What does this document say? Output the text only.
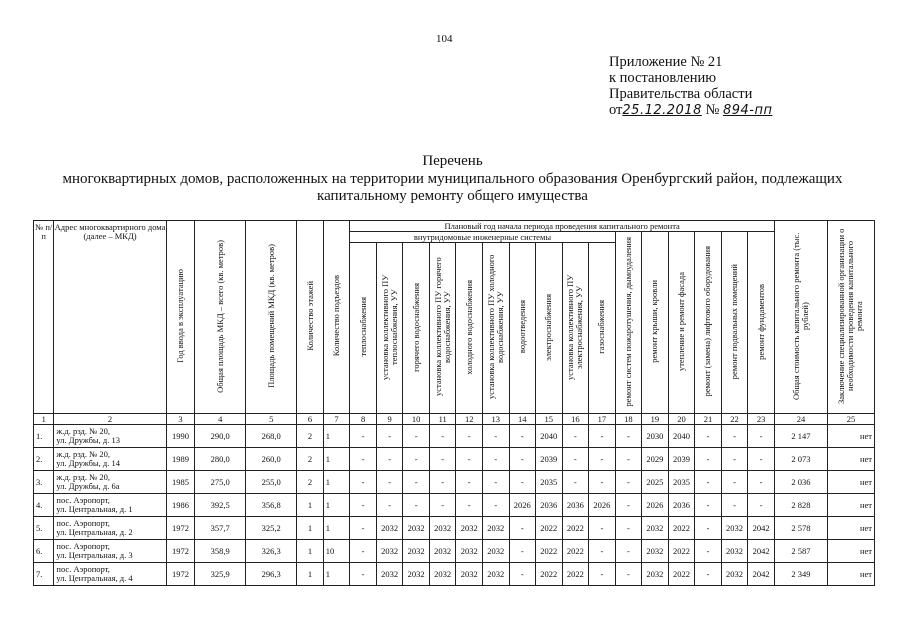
104
Приложение № 21
к постановлению
Правительства области
от25.12.2018 № 894-пп
Перечень
многоквартирных домов, расположенных на территории муниципального образования Оренбургский район, подлежащих
капитальному ремонту общего имущества
№ п/п	Адрес многоквартирного дома (далее – МКД)	Год ввода в эксплуатацию	Общая площадь МКД – всего (кв. метров)	Площадь помещений МКД (кв. метров)	Количество этажей	Количество подъездов	Плановый год начала периода проведения капитального ремонта																Общая стоимость капитального ремонта (тыс. рублей)	Заключение специализированной организации о необходимости проведения капитального ремонта
							внутридомовые инженерные системы										ремонт систем пожаротушения, дымоудаления	ремонт крыши, кровли	утепление и ремонт фасада	ремонт (замена) лифтового оборудования	ремонт подвальных помещений	ремонт фундаментов		
							теплоснабжения	установка коллективного ПУ теплоснабжения, УУ	горячего водоснабжения	установка коллективного ПУ горячего водоснабжения, УУ	холодного водоснабжения	установка коллективного ПУ холодного водоснабжения, УУ	водоотведения	электроснабжения	установка коллективного ПУ электроснабжения, УУ	газоснабжения								
1	2	3	4	5	6	7	8	9	10	11	12	13	14	15	16	17	18	19	20	21	22	23	24	25
1.	ж.д. рзд. № 20,
ул. Дружбы, д. 13	1990	290,0	268,0	2	1	-	-	-	-	-	-	-	2040	-	-	-	2030	2040	-	-	-	2 147	нет
2.	ж.д. рзд. № 20,
ул. Дружбы, д. 14	1989	280,0	260,0	2	1	-	-	-	-	-	-	-	2039	-	-	-	2029	2039	-	-	-	2 073	нет
3.	ж.д. рзд. № 20,
ул. Дружбы, д. 6а	1985	275,0	255,0	2	1	-	-	-	-	-	-	-	2035	-	-	-	2025	2035	-	-	-	2 036	нет
4.	пос. Аэропорт,
ул. Центральная, д. 1	1986	392,5	356,8	1	1	-	-	-	-	-	-	2026	2036	2036	2026	-	2026	2036	-	-	-	2 828	нет
5.	пос. Аэропорт,
ул. Центральная, д. 2	1972	357,7	325,2	1	1	-	2032	2032	2032	2032	2032	-	2022	2022	-	-	2032	2022	-	2032	2042	2 578	нет
6.	пос. Аэропорт,
ул. Центральная, д. 3	1972	358,9	326,3	1	10	-	2032	2032	2032	2032	2032	-	2022	2022	-	-	2032	2022	-	2032	2042	2 587	нет
7.	пос. Аэропорт,
ул. Центральная, д. 4	1972	325,9	296,3	1	1	-	2032	2032	2032	2032	2032	-	2022	2022	-	-	2032	2022	-	2032	2042	2 349	нет
